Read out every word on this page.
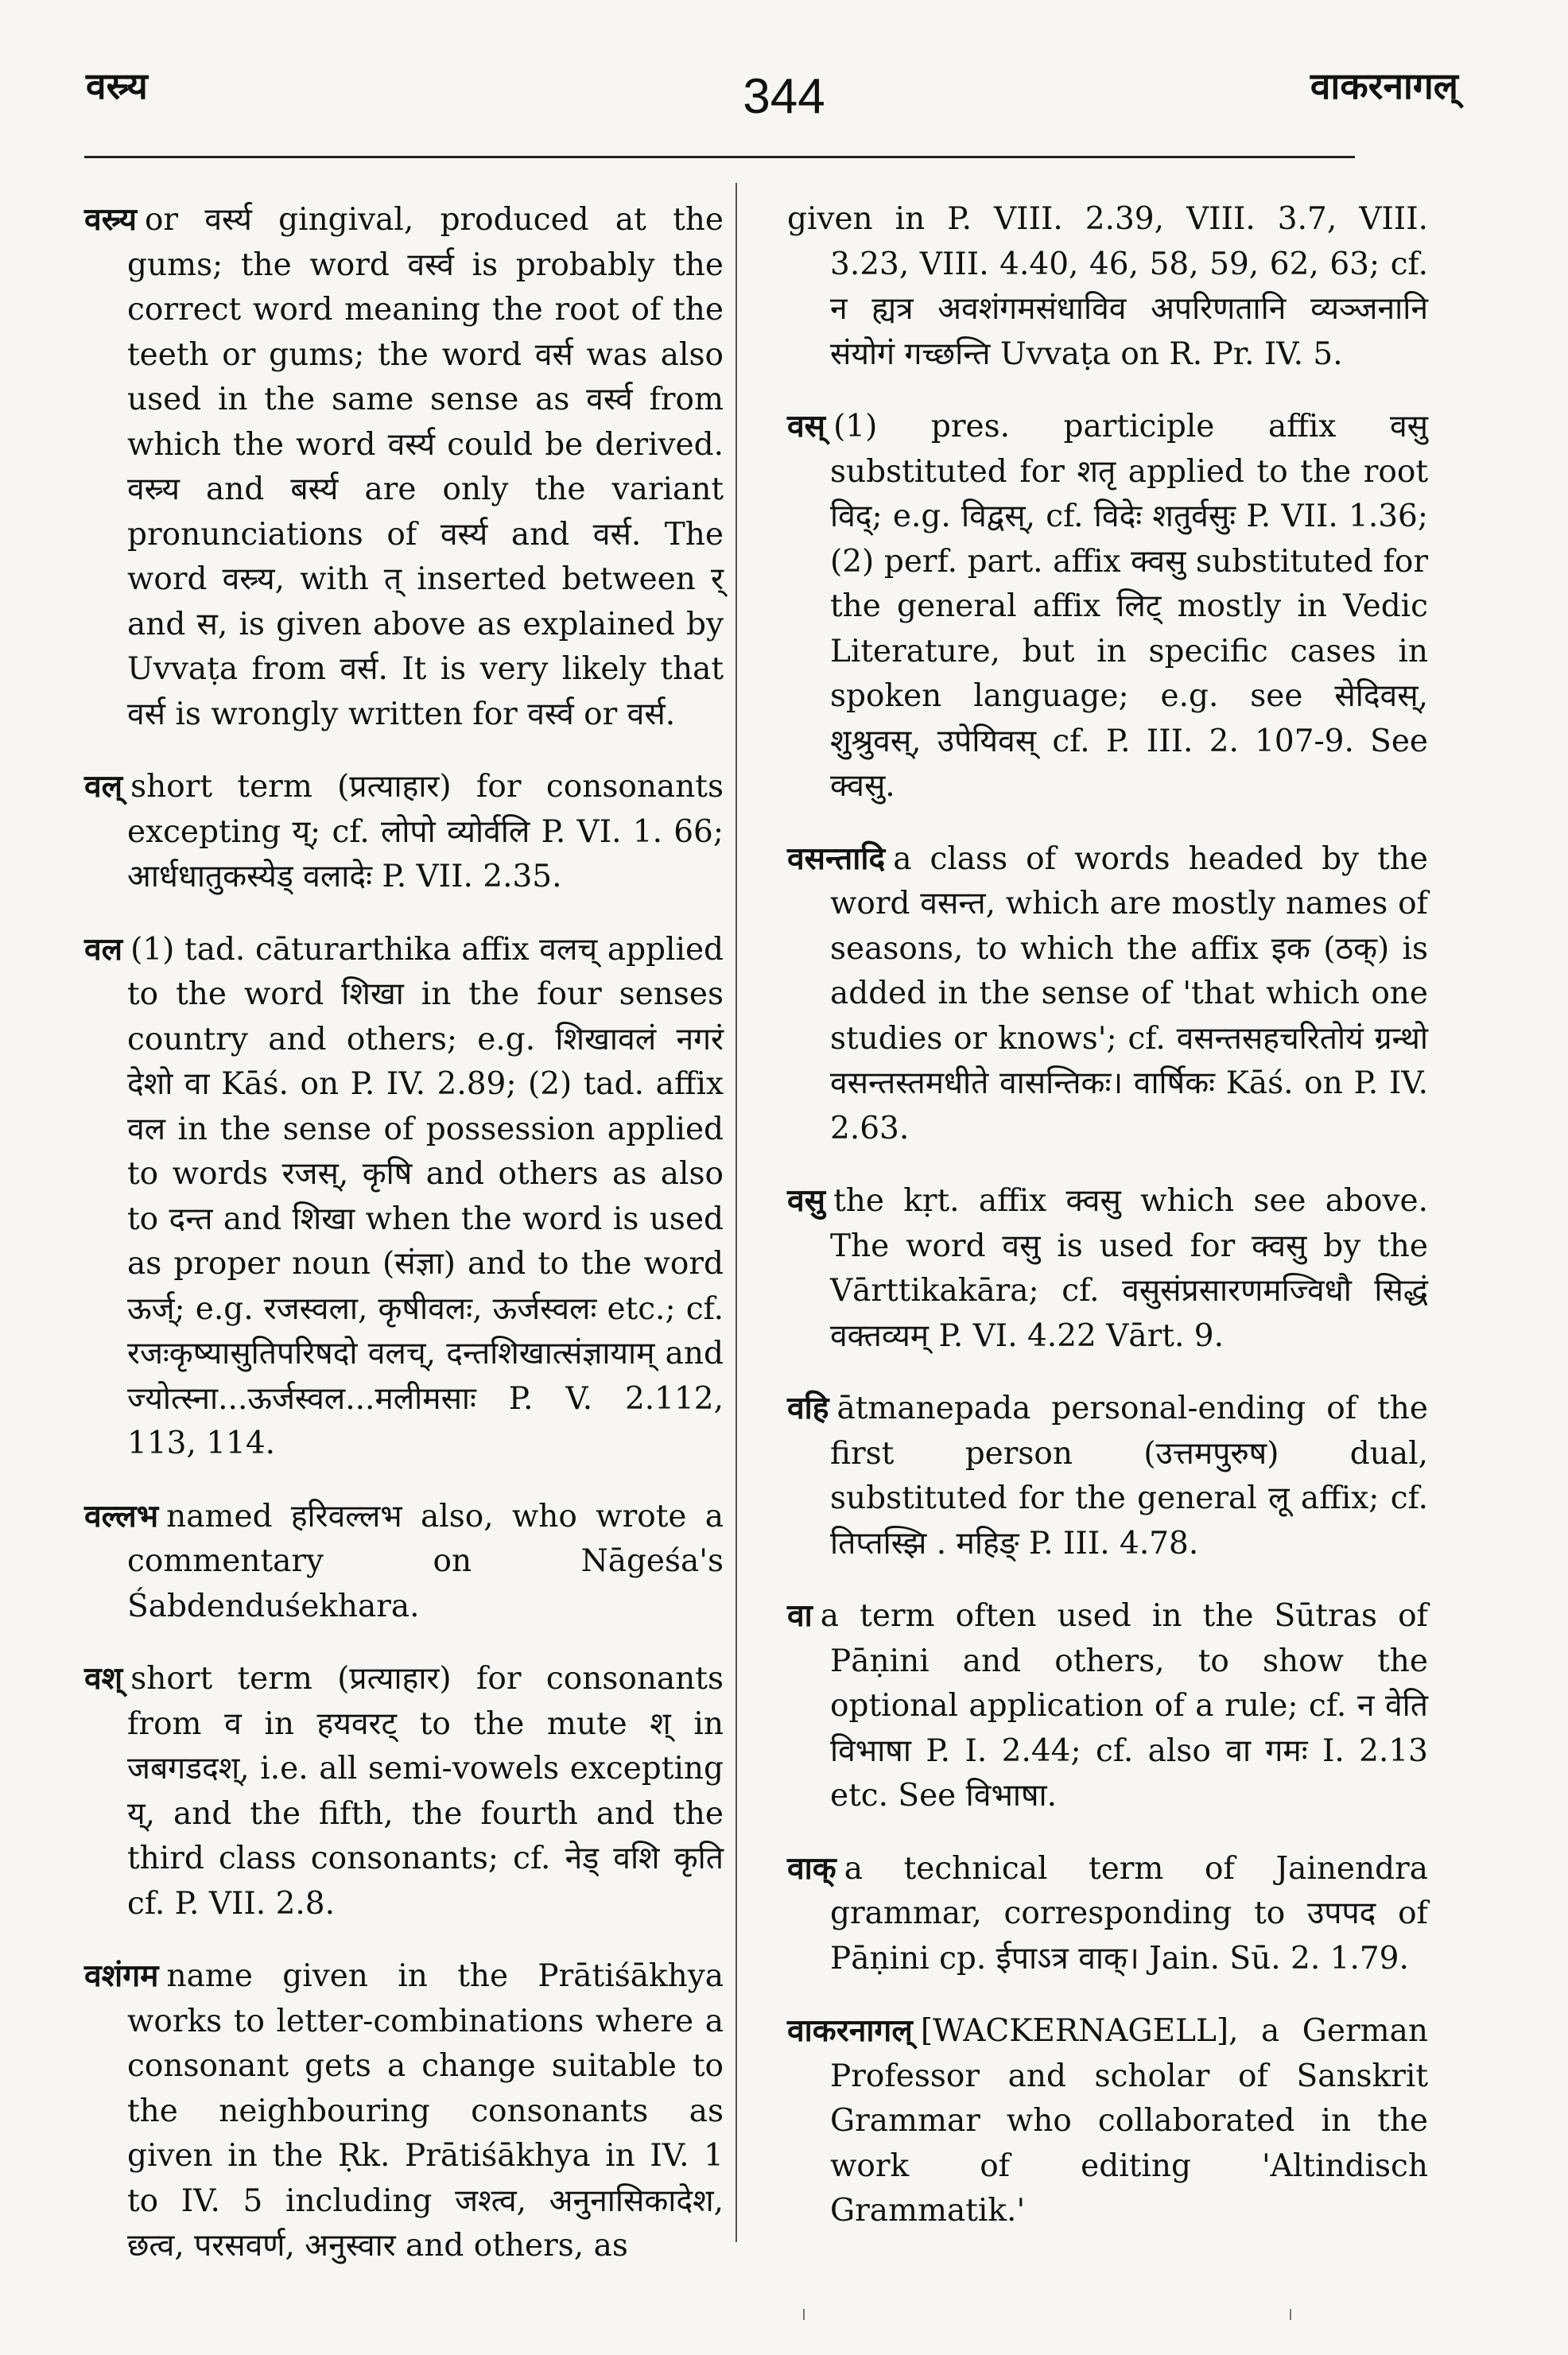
वस्र्य	344	वाकरनागल्

वस्र्य or वर्स्य gingival, produced at the gums; the word वर्स्व is probably the correct word meaning the root of the teeth or gums; the word वर्स was also used in the same sense as वर्स्व from which the word वर्स्य could be derived. वस्र्य and बर्स्य are only the variant pronunciations of वर्स्य and वर्स. The word वस्र्य, with त् inserted between र् and स, is given above as explained by Uvvaṭa from वर्स. It is very likely that वर्स is wrongly written for वर्स्व or वर्स.

वल् short term (प्रत्याहार) for consonants excepting य्; cf. लोपो व्योर्वलि P. VI. 1. 66; आर्धधातुकस्येड् वलादेः P. VII. 2.35.

वल (1) tad. cāturarthika affix वलच् applied to the word शिखा in the four senses country and others; e.g. शिखावलं नगरं देशो वा Kāś. on P. IV. 2.89; (2) tad. affix वल in the sense of possession applied to words रजस्, कृषि and others as also to दन्त and शिखा when the word is used as proper noun (संज्ञा) and to the word ऊर्ज्; e.g. रजस्वला, कृषीवलः, ऊर्जस्वलः etc.; cf. रजःकृष्यासुतिपरिषदो वलच्, दन्तशिखात्संज्ञायाम् and ज्योत्स्ना...ऊर्जस्वल...मलीमसाः P. V. 2.112, 113, 114.

वल्लभ named हरिवल्लभ also, who wrote a commentary on Nāgeśa's Śabdenduśekhara.

वश् short term (प्रत्याहार) for consonants from व in हयवरट् to the mute श् in जबगडदश्, i.e. all semi-vowels excepting य्, and the fifth, the fourth and the third class consonants; cf. नेड् वशि कृति cf. P. VII. 2.8.

वशंगम name given in the Prātiśākhya works to letter-combinations where a consonant gets a change suitable to the neighbouring consonants as given in the Ṛk. Prātiśākhya in IV. 1 to IV. 5 including जश्त्व, अनुनासिकादेश, छत्व, परसवर्ण, अनुस्वार and others, as

given in P. VIII. 2.39, VIII. 3.7, VIII. 3.23, VIII. 4.40, 46, 58, 59, 62, 63; cf. न ह्यत्र अवशंगमसंधाविव अपरिणतानि व्यञ्जनानि संयोगं गच्छन्ति Uvvaṭa on R. Pr. IV. 5.

वस् (1) pres. participle affix वसु substituted for शतृ applied to the root विद्; e.g. विद्वस्, cf. विदेः शतुर्वसुः P. VII. 1.36; (2) perf. part. affix क्वसु substituted for the general affix लिट् mostly in Vedic Literature, but in specific cases in spoken language; e.g. see सेदिवस्, शुश्रुवस्, उपेयिवस् cf. P. III. 2. 107-9. See क्वसु.

वसन्तादि a class of words headed by the word वसन्त, which are mostly names of seasons, to which the affix इक (ठक्) is added in the sense of 'that which one studies or knows'; cf. वसन्तसहचरितोयं ग्रन्थो वसन्तस्तमधीते वासन्तिकः। वार्षिकः Kāś. on P. IV. 2.63.

वसु the kṛt. affix क्वसु which see above. The word वसु is used for क्वसु by the Vārttikakāra; cf. वसुसंप्रसारणमज्विधौ सिद्धं वक्तव्यम् P. VI. 4.22 Vārt. 9.

वहि ātmanepada personal-ending of the first person (उत्तमपुरुष) dual, substituted for the general लू affix; cf. तिप्तस्झि . महिङ् P. III. 4.78.

वा a term often used in the Sūtras of Pāṇini and others, to show the optional application of a rule; cf. न वेति विभाषा P. I. 2.44; cf. also वा गमः I. 2.13 etc. See विभाषा.

वाक् a technical term of Jainendra grammar, corresponding to उपपद of Pāṇini cp. ईपाऽत्र वाक्। Jain. Sū. 2. 1.79.

वाकरनागल् [WACKERNAGELL], a German Professor and scholar of Sanskrit Grammar who collaborated in the work of editing 'Altindisch Grammatik.'
